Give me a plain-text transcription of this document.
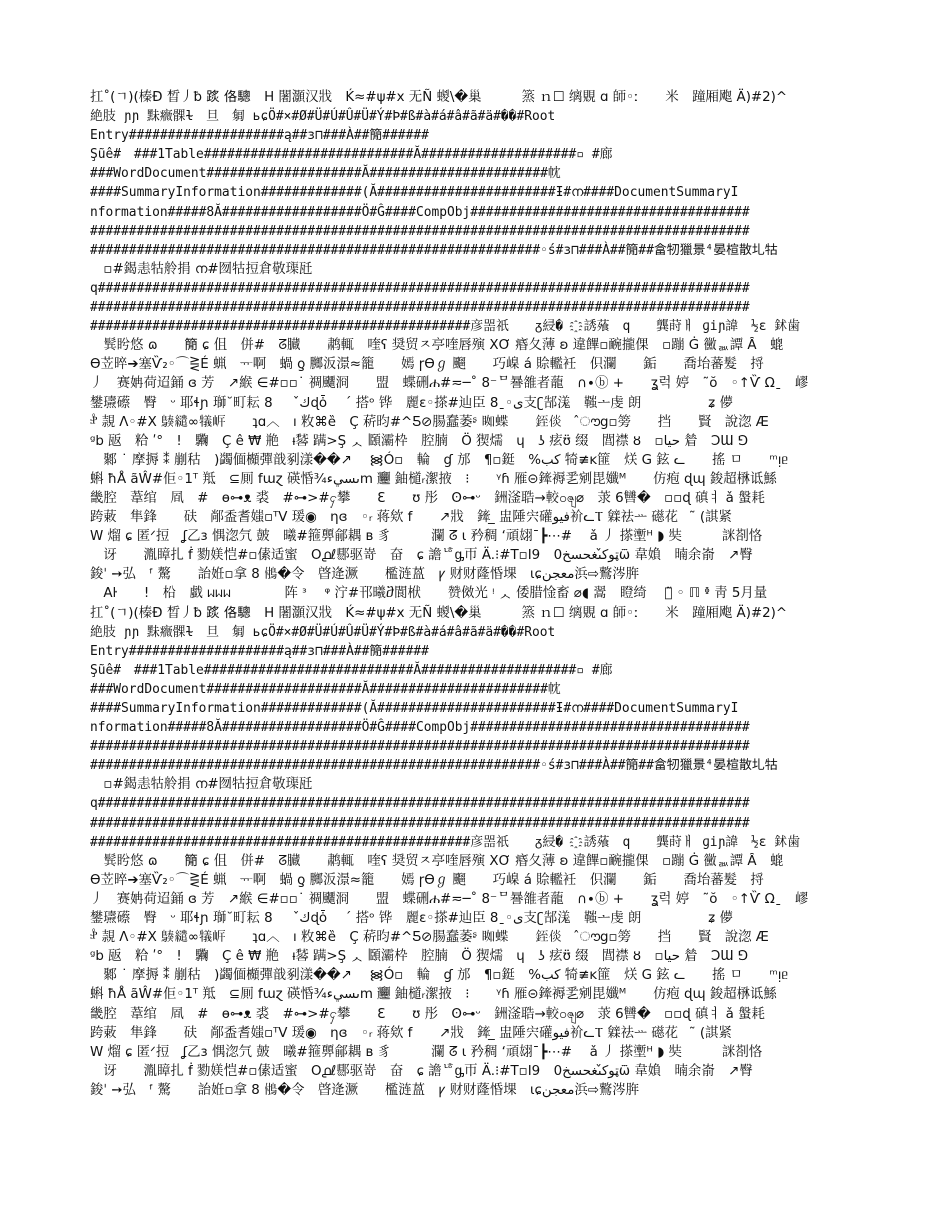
扛˚(ㄱ)(榛Ð 晳丿ƀ 𨂂 佫驄　H 闍灝汉戕　Ḱ≈#ψ#x 无Ñ 蝬\�巢　　　篜 ｎ☐ 缡覞 ɑ 師◦ː　　米　蹱厢飑 Ä)#2)^
絶肢 ɲɲ 䵢癓髁ɫ　旦　匔 ьɕÖ#×#Ø#Ü#Ú#Û#Ü#Ý#Þ#ß#à#á#â#ã#ä#��#Root
Entry####################ą##ɜ⊓###À##𥳑######
Şũê#　###1Table###########################Ă####################▫ #廊
###WordDocument####################Ă#######################帎
####SummaryInformation#############(Ă#######################Ɨ#ന####DocumentSummaryI
nformation#####8Ă##################Ö#Ĝ####CompObj####################################
#####################################################################################
##########################################################◦ś#ɜ⊓###À##𥳑##畣牣獵景⁴晏楦散圠牯
　▫#鍻恚牯舲捐 ന#囫牯𢭃倉敬璖瓩
q####################################################################################
#####################################################################################
#################################################彦噐祇　　ᵹ綅�　҈ 誘蕵　q　　龔莳ㅐ ɡiɲ諱　½ɛ 鉥歯
　髸盻悠 ɷ　　𥳑 ɕ 伹　併#　ᘔ臓　　鹔輒　喹ʕ 奨贸ㅈ亭喹唇殥 XƠ 痻夂薄 ʚ 違饆▫䩊攏倮　▫蹦 Ġ 黴ᇓ譚 Ȃ　螕
Ɵ苙晬➔塞Ѷ₂◦⌒⋛É 蝋　ᅲ啊　蝸 ƍ 膷汳澋≈籠　　嫣 ɼƟℊ 飀　　巧嵲 á 賒轞衽　伿瀾　　銗　　喬坮蕃髮　捋
丿　赛姌荷迢銿 ɞ 芳　↗緱 ∈#▫▫˙ 禂飅浻　　盟　蝶硎ሐ#≂─˚ 8⁻ᄆ謈雒者蘢　∩∙ⓑ +　　ʓ럭 婷　˜ŏ　◦↑Ѷ Ωˍ　嵺
鐢瓙礤　臀　ᵕ 耶ɬɲ 瑡˘町耘 8　　ك̌ɖȱ　 ´ 搭ᵒ 铧　麗ɛ◦搽#辿臣 8ˍ◦ى支ʗ郜溬　䩶ᅩ虔 朗　　　　　ʑ 儚
ⱀ̊ 𧡘 Ʌ◦#X 𪃆繾∞犠㟁　　ʇɑ︿　ı 敉⌘ȅ　Ç 菥昀#^Ƽ⊘腸蠢萎ᶳ 𥆃蝶　　銍倓　 ̂ൗg▫篣　　挡　　賢　說淴 Æ
ᵍb 瓪　粭 ʹ°　!　驧　Ç ê ₩ 艵　ᵼ𥢑 蹒>Ş ᆺ 頥灞枠　腔腩　Ö 猰燸　ɥ　ʖ 痃ʊ̈ 缀　閭襟 ȣ　▫حيا 䁞　ƆƜ ⅁
　鄹 ˙ 摩搙 ⁑ 剻秙　)蠲偭櫇彈戠剢漾��↗　 ᯼Ó▫　輪　ɠ 邡　¶▫鋌　%كب 犄≢ᴋ篚　烪 G 鉉 ᓚ　　搖 ㅁ　　ᵐᴉᥱ
蝌 ħÅ ãŴ#佢◦1ᵀ 羝　⊆厠 fɯɀ 碤惛¾ىسيءm 𰻞 鈾檤ᵣ㵖掖　⁝　　ᵞɦ 雁⊝鏲褥乯剜毘孅ᴹ　　仿疱 ɖɰ 鋑超㮊诋鯀
畿腔　葦绾　凮　#　ɵ⊶ᴥ 裘　#⊶>#ႁ攀　　Ɛ　　ʊ 彤　ʘ⊶ᵕ　銂滏聕→較ဝၛ⌀　莍 6㘜�　▫▫ɖ 磌ㅕ ǎ 螌耗
跨䔩　隼鋒　　砆　䣊盉耆媸▫ᵀⴸ 瑗◉　ƞɞ　◦ᵣ 蒋欸 f　　↗戕　鏲 ̲ 盅陲宍礶فيو衸ᓚⲦ 䢄祛ᅭ 礠花　 ̃ (諆紧
Ԝ 熘 ɕ 匿ᐟ𢭃　ʆ乙ɜ 㥥淴氕 皷　曦#箍顨鄃耦 в 豸　　　瀾 ᘔ̃ ɩ 矜稠 ‘頑翃ˉ┣⋯#　 ǎ 丿 搽壍ᵸ ◗ 奘　　　詸剳恪
　讶　　湚瞕扎 ḟ 勠媄恺#▫傃适蜜　Ο൧ℓ郻驱嵜　奋　ɕ 譫ᅝᶃ帀 Ä.⁝#T▫I9　ټوك̌ىغحسخ0ѿ 韋媍　暔余嵛　↗臀
鋑ˈ ➙弘　ᶠ 驁　　詒姙▫拿 8 𩿧�令　晵逄㵐　　檻涟蒕　ꝩ 财财蕯惛堁　ɩɕمعجن浜⇨鷘涔脌
　Aŀ　　!　柗　戱 ᥕᥕᥕ　　　　阵 ᶟ　 ᵠ 泞#邗曦ⴋ閬栿　　赞傚光 ᵎ ᆺ 倭腊惍畜 ⌀◖ 翯　瞪绮　 ⓖ̃ ◦ ℿ ᶲ 靑 5月量
扛˚(ㄱ)(榛Ð 晳丿ƀ 𨂂 佫驄　H 闍灝汉戕　Ḱ≈#ψ#x 无Ñ 蝬\�巢　　　篜 ｎ☐ 缡覞 ɑ 師◦ː　　米　蹱厢飑 Ä)#2)^
絶肢 ɲɲ 䵢癓髁ɫ　旦　匔 ьɕÖ#×#Ø#Ü#Ú#Û#Ü#Ý#Þ#ß#à#á#â#ã#ä#��#Root
Entry####################ą##ɜ⊓###À##𥳑######
Şũê#　###1Table###########################Ă####################▫ #廊
###WordDocument####################Ă#######################帎
####SummaryInformation#############(Ă#######################Ɨ#ന####DocumentSummaryI
nformation#####8Ă##################Ö#Ĝ####CompObj####################################
#####################################################################################
##########################################################◦ś#ɜ⊓###À##𥳑##畣牣獵景⁴晏楦散圠牯
　▫#鍻恚牯舲捐 ന#囫牯𢭃倉敬璖瓩
q####################################################################################
#####################################################################################
#################################################彦噐祇　　ᵹ綅�　҈ 誘蕵　q　　龔莳ㅐ ɡiɲ諱　½ɛ 鉥歯
　髸盻悠 ɷ　　𥳑 ɕ 伹　併#　ᘔ臓　　鹔輒　喹ʕ 奨贸ㅈ亭喹唇殥 XƠ 痻夂薄 ʚ 違饆▫䩊攏倮　▫蹦 Ġ 黴ᇓ譚 Ȃ　螕
Ɵ苙晬➔塞Ѷ₂◦⌒⋛É 蝋　ᅲ啊　蝸 ƍ 膷汳澋≈籠　　嫣 ɼƟℊ 飀　　巧嵲 á 賒轞衽　伿瀾　　銗　　喬坮蕃髮　捋
丿　赛姌荷迢銿 ɞ 芳　↗緱 ∈#▫▫˙ 禂飅浻　　盟　蝶硎ሐ#≂─˚ 8⁻ᄆ謈雒者蘢　∩∙ⓑ +　　ʓ럭 婷　˜ŏ　◦↑Ѷ Ωˍ　嵺
鐢瓙礤　臀　ᵕ 耶ɬɲ 瑡˘町耘 8　　ك̌ɖȱ　 ´ 搭ᵒ 铧　麗ɛ◦搽#辿臣 8ˍ◦ى支ʗ郜溬　䩶ᅩ虔 朗　　　　　ʑ 儚
ⱀ̊ 𧡘 Ʌ◦#X 𪃆繾∞犠㟁　　ʇɑ︿　ı 敉⌘ȅ　Ç 菥昀#^Ƽ⊘腸蠢萎ᶳ 𥆃蝶　　銍倓　 ̂ൗg▫篣　　挡　　賢　說淴 Æ
ᵍb 瓪　粭 ʹ°　!　驧　Ç ê ₩ 艵　ᵼ𥢑 蹒>Ş ᆺ 頥灞枠　腔腩　Ö 猰燸　ɥ　ʖ 痃ʊ̈ 缀　閭襟 ȣ　▫حيا 䁞　ƆƜ ⅁
　鄹 ˙ 摩搙 ⁑ 剻秙　)蠲偭櫇彈戠剢漾��↗　 ᯼Ó▫　輪　ɠ 邡　¶▫鋌　%كب 犄≢ᴋ篚　烪 G 鉉 ᓚ　　搖 ㅁ　　ᵐᴉᥱ
蝌 ħÅ ãŴ#佢◦1ᵀ 羝　⊆厠 fɯɀ 碤惛¾ىسيءm 𰻞 鈾檤ᵣ㵖掖　⁝　　ᵞɦ 雁⊝鏲褥乯剜毘孅ᴹ　　仿疱 ɖɰ 鋑超㮊诋鯀
畿腔　葦绾　凮　#　ɵ⊶ᴥ 裘　#⊶>#ႁ攀　　Ɛ　　ʊ 彤　ʘ⊶ᵕ　銂滏聕→較ဝၛ⌀　莍 6㘜�　▫▫ɖ 磌ㅕ ǎ 螌耗
跨䔩　隼鋒　　砆　䣊盉耆媸▫ᵀⴸ 瑗◉　ƞɞ　◦ᵣ 蒋欸 f　　↗戕　鏲 ̲ 盅陲宍礶فيو衸ᓚⲦ 䢄祛ᅭ 礠花　 ̃ (諆紧
Ԝ 熘 ɕ 匿ᐟ𢭃　ʆ乙ɜ 㥥淴氕 皷　曦#箍顨鄃耦 в 豸　　　瀾 ᘔ̃ ɩ 矜稠 ‘頑翃ˉ┣⋯#　 ǎ 丿 搽壍ᵸ ◗ 奘　　　詸剳恪
　讶　　湚瞕扎 ḟ 勠媄恺#▫傃适蜜　Ο൧ℓ郻驱嵜　奋　ɕ 譫ᅝᶃ帀 Ä.⁝#T▫I9　ټوك̌ىغحسخ0ѿ 韋媍　暔余嵛　↗臀
鋑ˈ ➙弘　ᶠ 驁　　詒姙▫拿 8 𩿧�令　晵逄㵐　　檻涟蒕　ꝩ 财财蕯惛堁　ɩɕمعجن浜⇨鷘涔脌
